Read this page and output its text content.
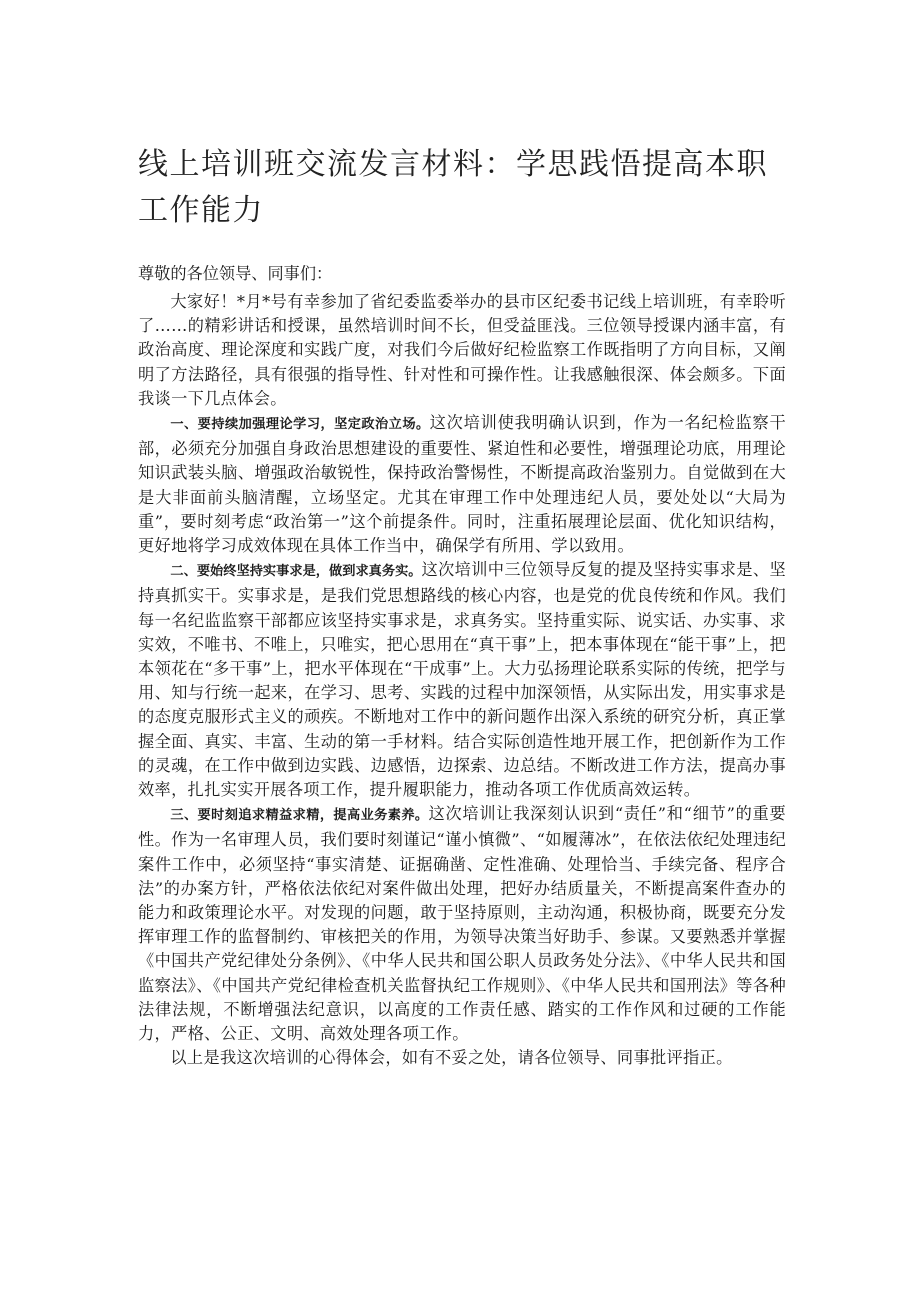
线上培训班交流发言材料：学思践悟提高本职工作能力

尊敬的各位领导、同事们：

大家好！*月*号有幸参加了省纪委监委举办的县市区纪委书记线上培训班，有幸聆听了……的精彩讲话和授课，虽然培训时间不长，但受益匪浅。三位领导授课内涵丰富，有政治高度、理论深度和实践广度，对我们今后做好纪检监察工作既指明了方向目标，又阐明了方法路径，具有很强的指导性、针对性和可操作性。让我感触很深、体会颇多。下面我谈一下几点体会。

一、要持续加强理论学习，坚定政治立场。这次培训使我明确认识到，作为一名纪检监察干部，必须充分加强自身政治思想建设的重要性、紧迫性和必要性，增强理论功底，用理论知识武装头脑、增强政治敏锐性，保持政治警惕性，不断提高政治鉴别力。自觉做到在大是大非面前头脑清醒，立场坚定。尤其在审理工作中处理违纪人员，要处处以“大局为重”，要时刻考虑“政治第一”这个前提条件。同时，注重拓展理论层面、优化知识结构，更好地将学习成效体现在具体工作当中，确保学有所用、学以致用。

二、要始终坚持实事求是，做到求真务实。这次培训中三位领导反复的提及坚持实事求是、坚持真抓实干。实事求是，是我们党思想路线的核心内容，也是党的优良传统和作风。我们每一名纪监监察干部都应该坚持实事求是，求真务实。坚持重实际、说实话、办实事、求实效，不唯书、不唯上，只唯实，把心思用在“真干事”上，把本事体现在“能干事”上，把本领花在“多干事”上，把水平体现在“干成事”上。大力弘扬理论联系实际的传统，把学与用、知与行统一起来，在学习、思考、实践的过程中加深领悟，从实际出发，用实事求是的态度克服形式主义的顽疾。不断地对工作中的新问题作出深入系统的研究分析，真正掌握全面、真实、丰富、生动的第一手材料。结合实际创造性地开展工作，把创新作为工作的灵魂，在工作中做到边实践、边感悟，边探索、边总结。不断改进工作方法，提高办事效率，扎扎实实开展各项工作，提升履职能力，推动各项工作优质高效运转。

三、要时刻追求精益求精，提高业务素养。这次培训让我深刻认识到“责任”和“细节”的重要性。作为一名审理人员，我们要时刻谨记“谨小慎微”、“如履薄冰”，在依法依纪处理违纪案件工作中，必须坚持“事实清楚、证据确凿、定性准确、处理恰当、手续完备、程序合法”的办案方针，严格依法依纪对案件做出处理，把好办结质量关，不断提高案件查办的能力和政策理论水平。对发现的问题，敢于坚持原则，主动沟通，积极协商，既要充分发挥审理工作的监督制约、审核把关的作用，为领导决策当好助手、参谋。又要熟悉并掌握《中国共产党纪律处分条例》、《中华人民共和国公职人员政务处分法》、《中华人民共和国监察法》、《中国共产党纪律检查机关监督执纪工作规则》、《中华人民共和国刑法》等各种法律法规，不断增强法纪意识，以高度的工作责任感、踏实的工作作风和过硬的工作能力，严格、公正、文明、高效处理各项工作。

以上是我这次培训的心得体会，如有不妥之处，请各位领导、同事批评指正。
